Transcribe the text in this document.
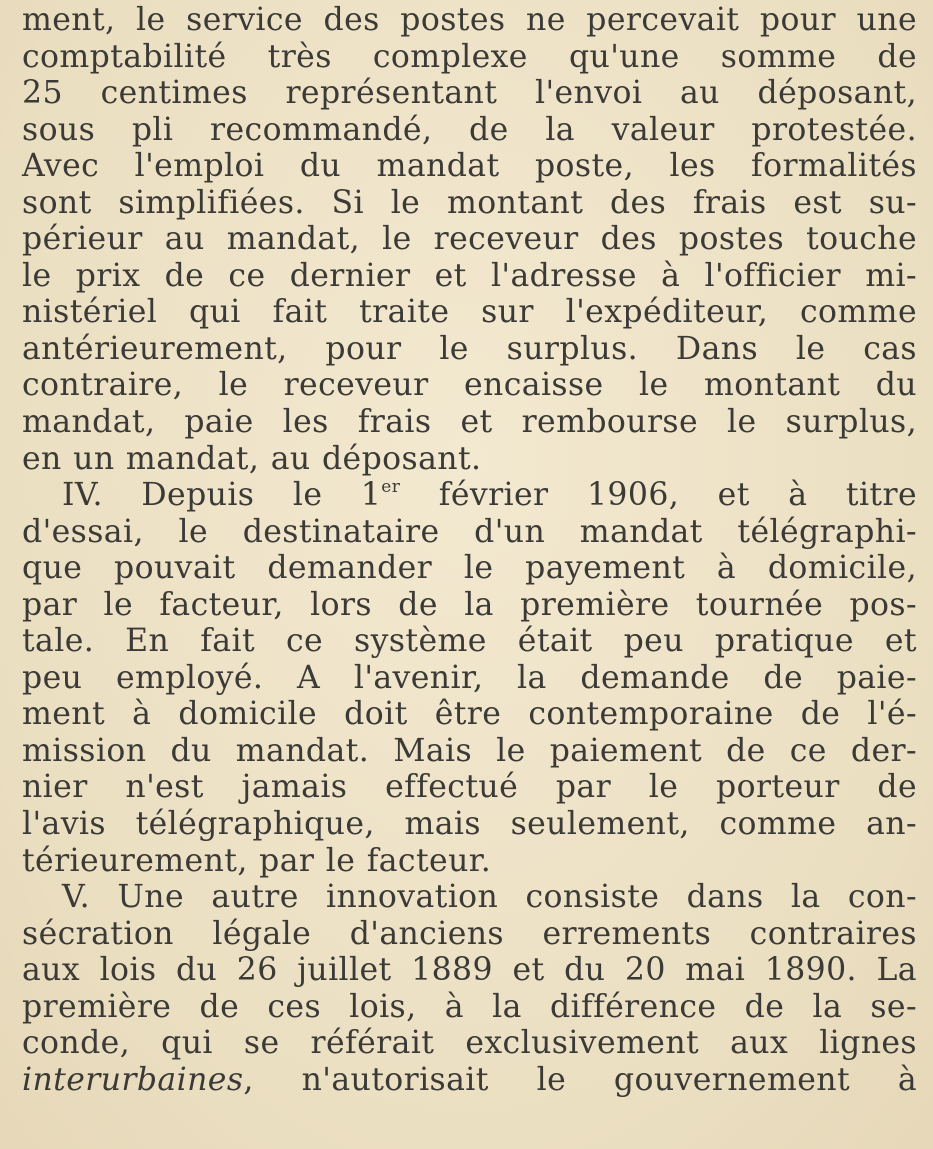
ment, le service des postes ne percevait pour une
comptabilité très complexe qu'une somme de
25 centimes représentant l'envoi au déposant,
sous pli recommandé, de la valeur protestée.
Avec l'emploi du mandat poste, les formalités
sont simplifiées. Si le montant des frais est su-
périeur au mandat, le receveur des postes touche
le prix de ce dernier et l'adresse à l'officier mi-
nistériel qui fait traite sur l'expéditeur, comme
antérieurement, pour le surplus. Dans le cas
contraire, le receveur encaisse le montant du
mandat, paie les frais et rembourse le surplus,
en un mandat, au déposant.
IV. Depuis le 1er février 1906, et à titre
d'essai, le destinataire d'un mandat télégraphi-
que pouvait demander le payement à domicile,
par le facteur, lors de la première tournée pos-
tale. En fait ce système était peu pratique et
peu employé. A l'avenir, la demande de paie-
ment à domicile doit être contemporaine de l'é-
mission du mandat. Mais le paiement de ce der-
nier n'est jamais effectué par le porteur de
l'avis télégraphique, mais seulement, comme an-
térieurement, par le facteur.
V. Une autre innovation consiste dans la con-
sécration légale d'anciens errements contraires
aux lois du 26 juillet 1889 et du 20 mai 1890. La
première de ces lois, à la différence de la se-
conde, qui se référait exclusivement aux lignes
interurbaines, n'autorisait le gouvernement à
